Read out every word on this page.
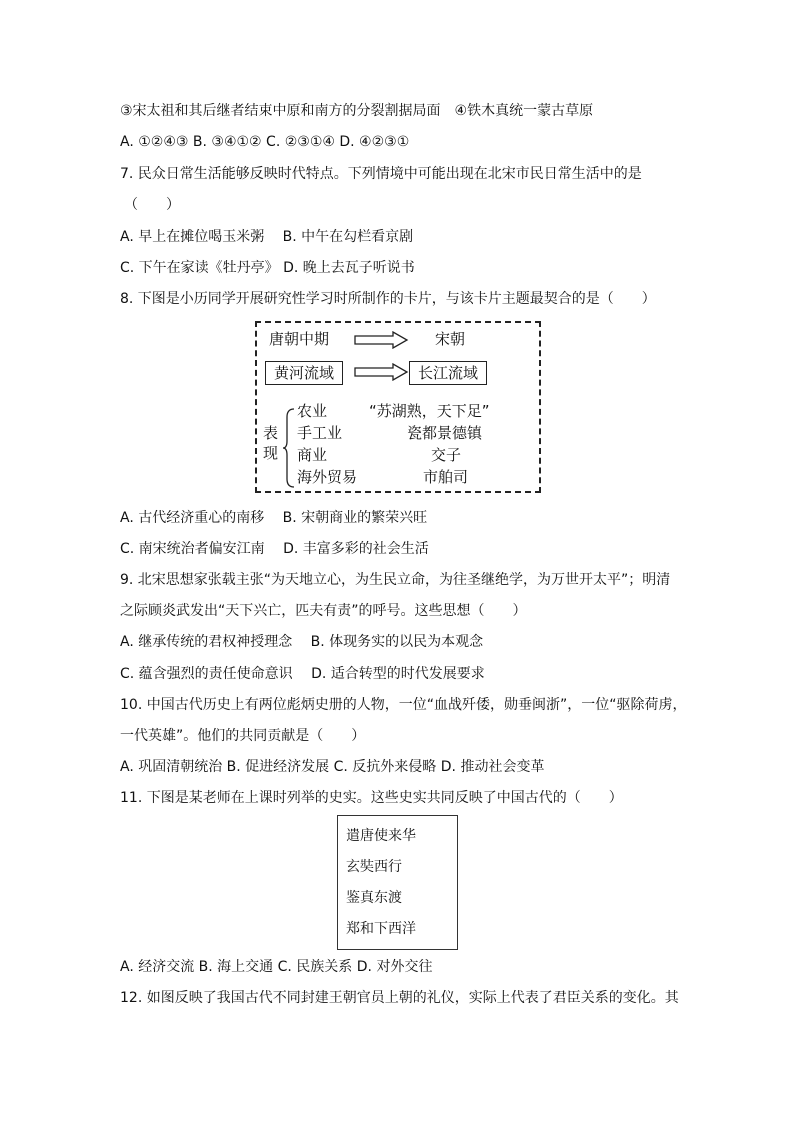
③宋太祖和其后继者结束中原和南方的分裂割据局面　④铁木真统一蒙古草原
A. ①②④③ B. ③④①② C. ②③①④ D. ④②③①
7. 民众日常生活能够反映时代特点。下列情境中可能出现在北宋市民日常生活中的是
（　　）
A. 早上在摊位喝玉米粥　 B. 中午在勾栏看京剧
C. 下午在家读《牡丹亭》 D. 晚上去瓦子听说书
8. 下图是小历同学开展研究性学习时所制作的卡片，与该卡片主题最契合的是（　　）
唐朝中期	宋朝
黄河流域	长江流域
表
现
农业	“苏湖熟，天下足”
手工业	瓷都景德镇
商业	交子
海外贸易	市舶司
A. 古代经济重心的南移　 B. 宋朝商业的繁荣兴旺
C. 南宋统治者偏安江南　 D. 丰富多彩的社会生活
9. 北宋思想家张载主张“为天地立心，为生民立命，为往圣继绝学，为万世开太平”；明清
之际顾炎武发出“天下兴亡，匹夫有责”的呼号。这些思想（　　）
A. 继承传统的君权神授理念　 B. 体现务实的以民为本观念
C. 蕴含强烈的责任使命意识　 D. 适合转型的时代发展要求
10. 中国古代历史上有两位彪炳史册的人物，一位“血战歼倭，勋垂闽浙”，一位“驱除荷虏，
一代英雄”。他们的共同贡献是（　　）
A. 巩固清朝统治 B. 促进经济发展 C. 反抗外来侵略 D. 推动社会变革
11. 下图是某老师在上课时列举的史实。这些史实共同反映了中国古代的（　　）
遣唐使来华
玄奘西行
鉴真东渡
郑和下西洋
A. 经济交流 B. 海上交通 C. 民族关系 D. 对外交往
12. 如图反映了我国古代不同封建王朝官员上朝的礼仪，实际上代表了君臣关系的变化。其
